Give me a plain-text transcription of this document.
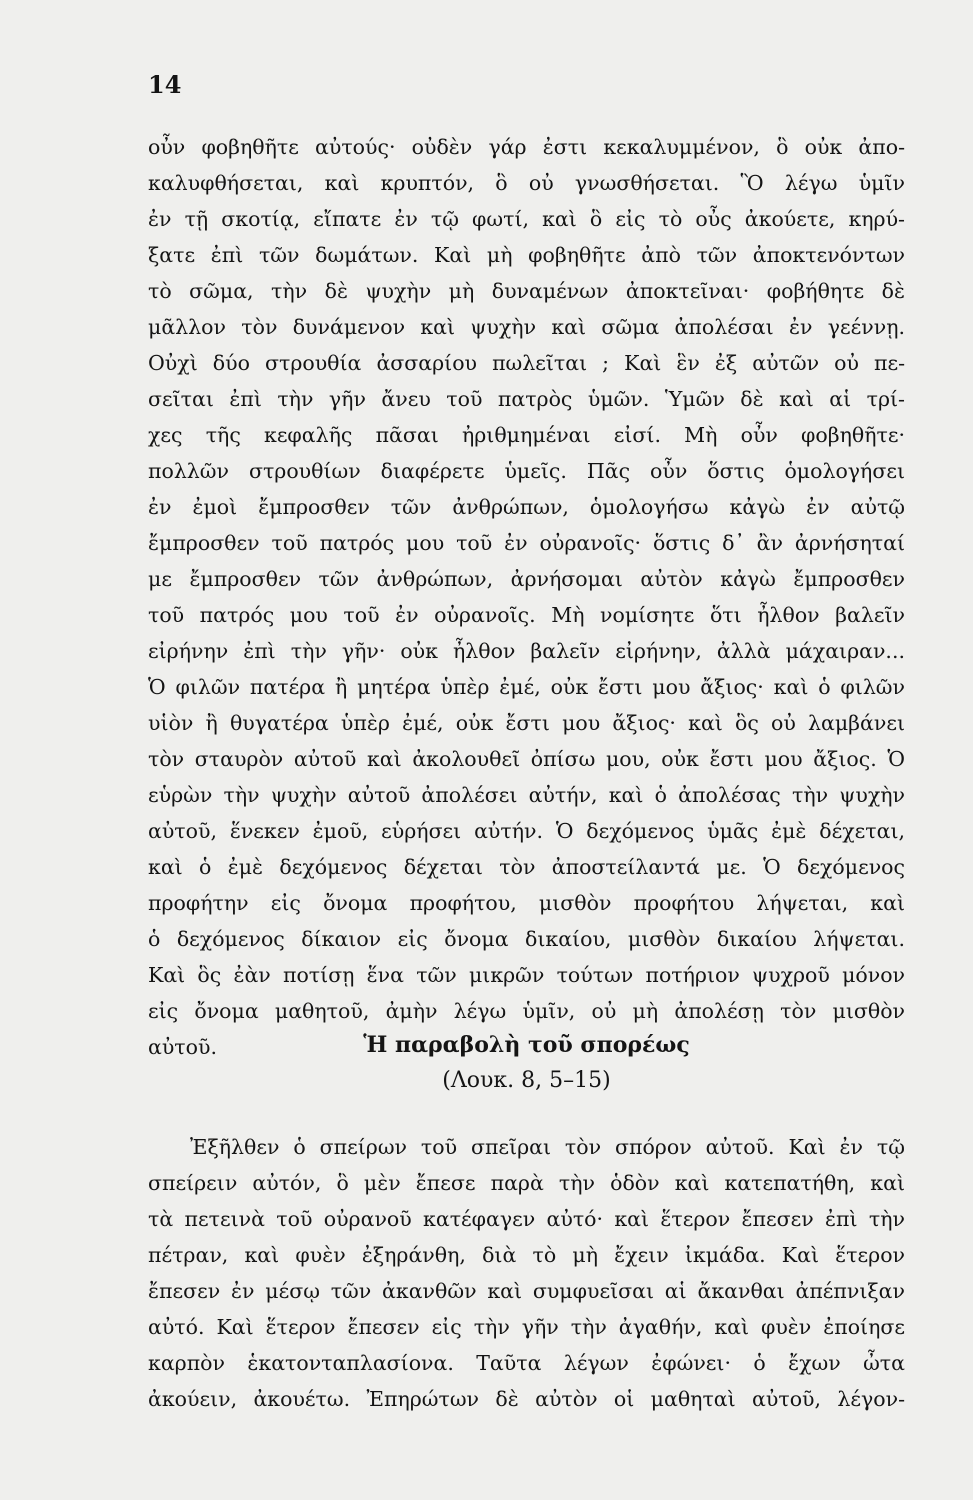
14
οὖν φοβηθῆτε αὐτούς· οὐδὲν γάρ ἐστι κεκαλυμμένον, ὃ οὐκ ἀπο-
καλυφθήσεται, καὶ κρυπτόν, ὃ οὐ γνωσθήσεται. Ὃ λέγω ὑμῖν
ἐν τῇ σκοτίᾳ, εἴπατε ἐν τῷ φωτί, καὶ ὃ εἰς τὸ οὖς ἀκούετε, κηρύ-
ξατε ἐπὶ τῶν δωμάτων. Καὶ μὴ φοβηθῆτε ἀπὸ τῶν ἀποκτενόντων
τὸ σῶμα, τὴν δὲ ψυχὴν μὴ δυναμένων ἀποκτεῖναι· φοβήθητε δὲ
μᾶλλον τὸν δυνάμενον καὶ ψυχὴν καὶ σῶμα ἀπολέσαι ἐν γεέννῃ.
Οὐχὶ δύο στρουθία ἀσσαρίου πωλεῖται ; Καὶ ἓν ἐξ αὐτῶν οὐ πε-
σεῖται ἐπὶ τὴν γῆν ἄνευ τοῦ πατρὸς ὑμῶν. Ὑμῶν δὲ καὶ αἱ τρί-
χες τῆς κεφαλῆς πᾶσαι ἠριθμημέναι εἰσί. Μὴ οὖν φοβηθῆτε·
πολλῶν στρουθίων διαφέρετε ὑμεῖς. Πᾶς οὖν ὅστις ὁμολογήσει
ἐν ἐμοὶ ἔμπροσθεν τῶν ἀνθρώπων, ὁμολογήσω κἀγὼ ἐν αὐτῷ
ἔμπροσθεν τοῦ πατρός μου τοῦ ἐν οὐρανοῖς· ὅστις δ᾽ ἂν ἀρνήσηταί
με ἔμπροσθεν τῶν ἀνθρώπων, ἀρνήσομαι αὐτὸν κἀγὼ ἔμπροσθεν
τοῦ πατρός μου τοῦ ἐν οὐρανοῖς. Μὴ νομίσητε ὅτι ἦλθον βαλεῖν
εἰρήνην ἐπὶ τὴν γῆν· οὐκ ἦλθον βαλεῖν εἰρήνην, ἀλλὰ μάχαιραν...
Ὁ φιλῶν πατέρα ἢ μητέρα ὑπὲρ ἐμέ, οὐκ ἔστι μου ἄξιος· καὶ ὁ φιλῶν
υἱὸν ἢ θυγατέρα ὑπὲρ ἐμέ, οὐκ ἔστι μου ἄξιος· καὶ ὃς οὐ λαμβάνει
τὸν σταυρὸν αὐτοῦ καὶ ἀκολουθεῖ ὀπίσω μου, οὐκ ἔστι μου ἄξιος. Ὁ
εὑρὼν τὴν ψυχὴν αὐτοῦ ἀπολέσει αὐτήν, καὶ ὁ ἀπολέσας τὴν ψυχὴν
αὐτοῦ, ἕνεκεν ἐμοῦ, εὑρήσει αὐτήν. Ὁ δεχόμενος ὑμᾶς ἐμὲ δέχεται,
καὶ ὁ ἐμὲ δεχόμενος δέχεται τὸν ἀποστείλαντά με. Ὁ δεχόμενος
προφήτην εἰς ὄνομα προφήτου, μισθὸν προφήτου λήψεται, καὶ
ὁ δεχόμενος δίκαιον εἰς ὄνομα δικαίου, μισθὸν δικαίου λήψεται.
Καὶ ὃς ἐὰν ποτίσῃ ἕνα τῶν μικρῶν τούτων ποτήριον ψυχροῦ μόνον
εἰς ὄνομα μαθητοῦ, ἀμὴν λέγω ὑμῖν, οὐ μὴ ἀπολέσῃ τὸν μισθὸν
αὐτοῦ.	Ἡ παραβολὴ τοῦ σπορέως
(Λουκ. 8, 5–15)
Ἐξῆλθεν ὁ σπείρων τοῦ σπεῖραι τὸν σπόρον αὐτοῦ. Καὶ ἐν τῷ
σπείρειν αὐτόν, ὃ μὲν ἔπεσε παρὰ τὴν ὁδὸν καὶ κατεπατήθη, καὶ
τὰ πετεινὰ τοῦ οὐρανοῦ κατέφαγεν αὐτό· καὶ ἕτερον ἔπεσεν ἐπὶ τὴν
πέτραν, καὶ φυὲν ἐξηράνθη, διὰ τὸ μὴ ἔχειν ἰκμάδα. Καὶ ἕτερον
ἔπεσεν ἐν μέσῳ τῶν ἀκανθῶν καὶ συμφυεῖσαι αἱ ἄκανθαι ἀπέπνιξαν
αὐτό. Καὶ ἕτερον ἔπεσεν εἰς τὴν γῆν τὴν ἀγαθήν, καὶ φυὲν ἐποίησε
καρπὸν ἑκατονταπλασίονα. Ταῦτα λέγων ἐφώνει· ὁ ἔχων ὦτα
ἀκούειν, ἀκουέτω. Ἐπηρώτων δὲ αὐτὸν οἱ μαθηταὶ αὐτοῦ, λέγον-
